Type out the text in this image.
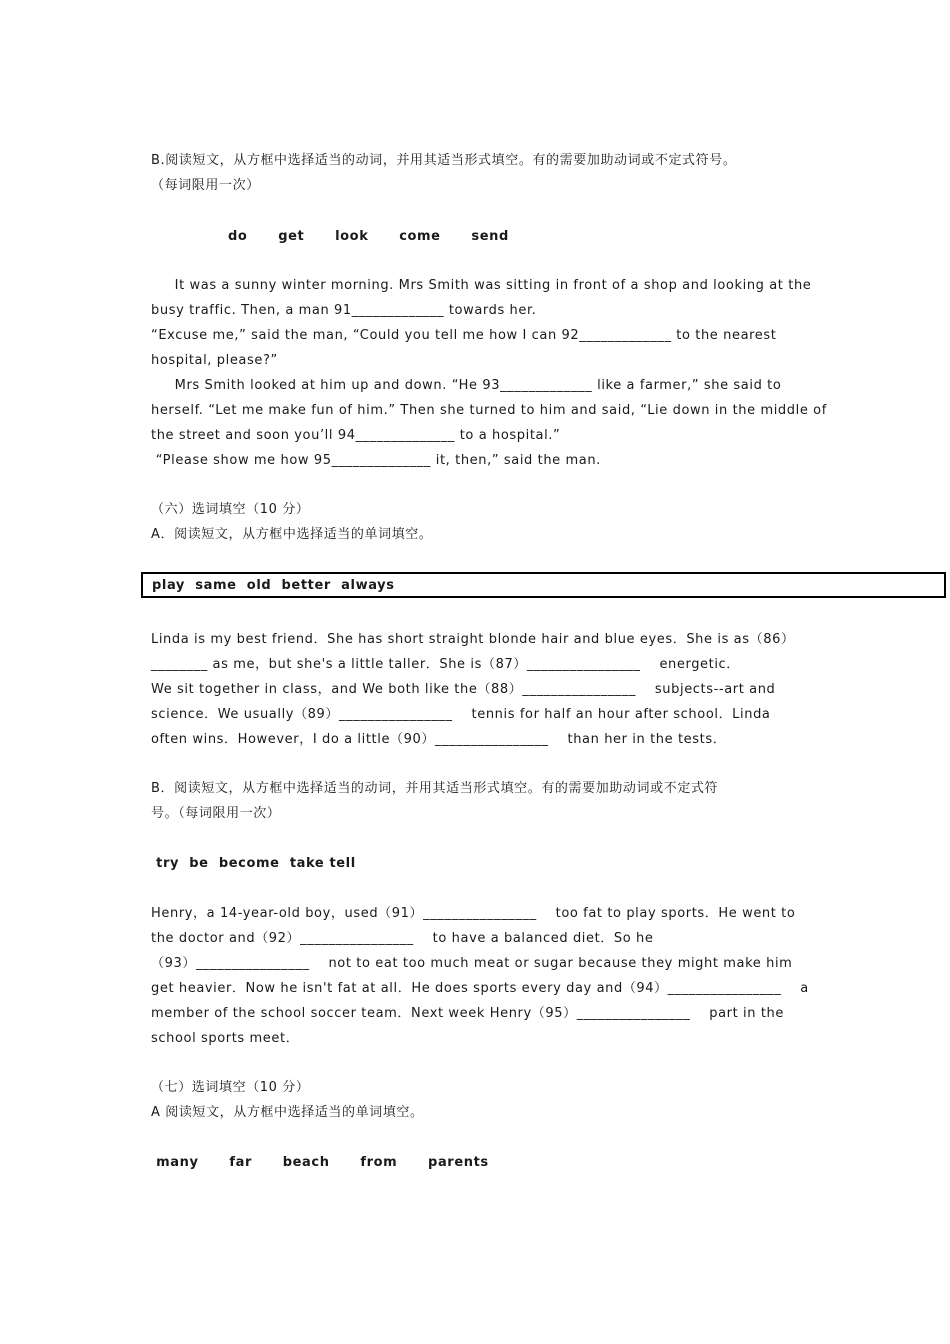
B.阅读短文，从方框中选择适当的动词，并用其适当形式填空。有的需要加助动词或不定式符号。
（每词限用一次）
do      get      look      come      send
It was a sunny winter morning. Mrs Smith was sitting in front of a shop and looking at the
busy traffic. Then, a man 91_____________ towards her.
“Excuse me,” said the man, “Could you tell me how I can 92_____________ to the nearest
hospital, please?”
Mrs Smith looked at him up and down. “He 93_____________ like a farmer,” she said to
herself. “Let me make fun of him.” Then she turned to him and said, “Lie down in the middle of
the street and soon you’ll 94______________ to a hospital.”
“Please show me how 95______________ it, then,” said the man.
（六）选词填空（10 分）
A．阅读短文，从方框中选择适当的单词填空。
play  same  old  better  always
Linda is my best friend．She has short straight blonde hair and blue eyes．She is as（86）
________ as me，but she's a little taller．She is（87）________________    energetic．
We sit together in class，and We both like the（88）________________    subjects--art and
science．We usually（89）________________    tennis for half an hour after school．Linda
often wins．However，I do a little（90）________________    than her in the tests．
B．阅读短文，从方框中选择适当的动词，并用其适当形式填空。有的需要加助动词或不定式符
号。（每词限用一次）
try  be  become  take tell
Henry，a 14-year-old boy，used（91）________________    too fat to play sports．He went to
the doctor and（92）________________    to have a balanced diet．So he
（93）________________    not to eat too much meat or sugar because they might make him
get heavier．Now he isn't fat at all．He does sports every day and（94）________________    a
member of the school soccer team．Next week Henry（95）________________    part in the
school sports meet．
（七）选词填空（10 分）
A 阅读短文，从方框中选择适当的单词填空。
many      far      beach      from      parents
